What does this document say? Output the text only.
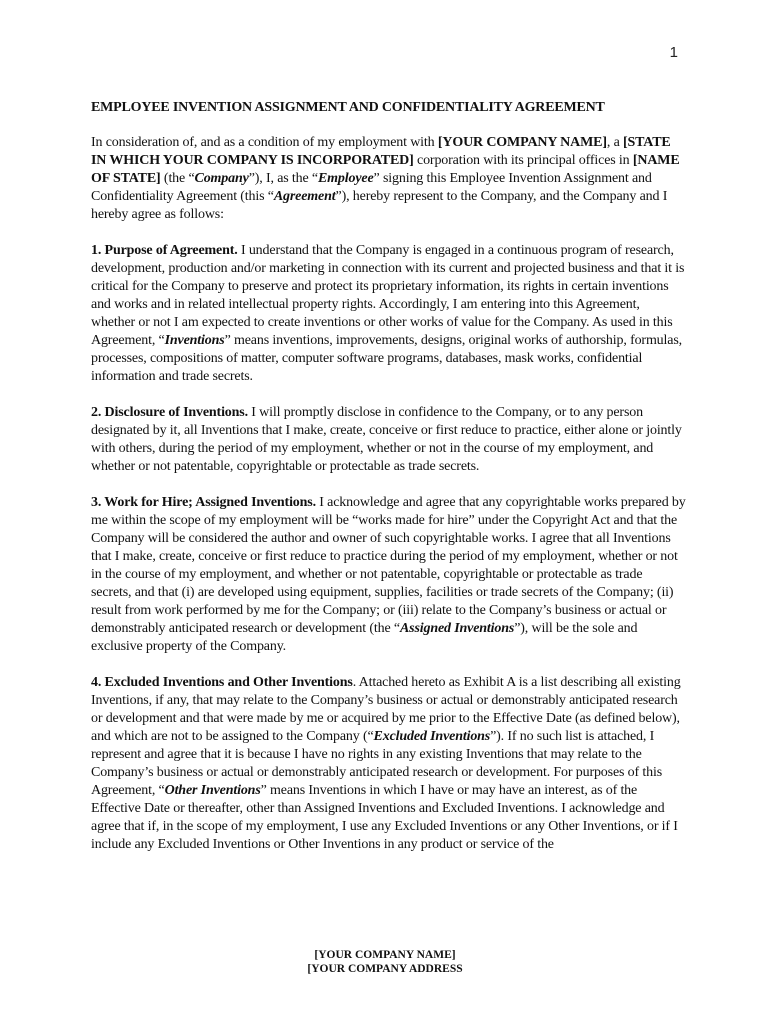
1
EMPLOYEE INVENTION ASSIGNMENT AND CONFIDENTIALITY AGREEMENT

In consideration of, and as a condition of my employment with [YOUR COMPANY NAME], a [STATE IN WHICH YOUR COMPANY IS INCORPORATED] corporation with its principal offices in [NAME OF STATE] (the “Company”), I, as the “Employee” signing this Employee Invention Assignment and Confidentiality Agreement (this “Agreement”), hereby represent to the Company, and the Company and I hereby agree as follows:

1. Purpose of Agreement. I understand that the Company is engaged in a continuous program of research, development, production and/or marketing in connection with its current and projected business and that it is critical for the Company to preserve and protect its proprietary information, its rights in certain inventions and works and in related intellectual property rights. Accordingly, I am entering into this Agreement, whether or not I am expected to create inventions or other works of value for the Company. As used in this Agreement, “Inventions” means inventions, improvements, designs, original works of authorship, formulas, processes, compositions of matter, computer software programs, databases, mask works, confidential information and trade secrets.

2. Disclosure of Inventions. I will promptly disclose in confidence to the Company, or to any person designated by it, all Inventions that I make, create, conceive or first reduce to practice, either alone or jointly with others, during the period of my employment, whether or not in the course of my employment, and whether or not patentable, copyrightable or protectable as trade secrets.

3. Work for Hire; Assigned Inventions. I acknowledge and agree that any copyrightable works prepared by me within the scope of my employment will be “works made for hire” under the Copyright Act and that the Company will be considered the author and owner of such copyrightable works. I agree that all Inventions that I make, create, conceive or first reduce to practice during the period of my employment, whether or not in the course of my employment, and whether or not patentable, copyrightable or protectable as trade secrets, and that (i) are developed using equipment, supplies, facilities or trade secrets of the Company; (ii) result from work performed by me for the Company; or (iii) relate to the Company’s business or actual or demonstrably anticipated research or development (the “Assigned Inventions”), will be the sole and exclusive property of the Company.

4. Excluded Inventions and Other Inventions. Attached hereto as Exhibit A is a list describing all existing Inventions, if any, that may relate to the Company’s business or actual or demonstrably anticipated research or development and that were made by me or acquired by me prior to the Effective Date (as defined below), and which are not to be assigned to the Company (“Excluded Inventions”). If no such list is attached, I represent and agree that it is because I have no rights in any existing Inventions that may relate to the Company’s business or actual or demonstrably anticipated research or development. For purposes of this Agreement, “Other Inventions” means Inventions in which I have or may have an interest, as of the Effective Date or thereafter, other than Assigned Inventions and Excluded Inventions. I acknowledge and agree that if, in the scope of my employment, I use any Excluded Inventions or any Other Inventions, or if I include any Excluded Inventions or Other Inventions in any product or service of the

[YOUR COMPANY NAME]
[YOUR COMPANY ADDRESS
